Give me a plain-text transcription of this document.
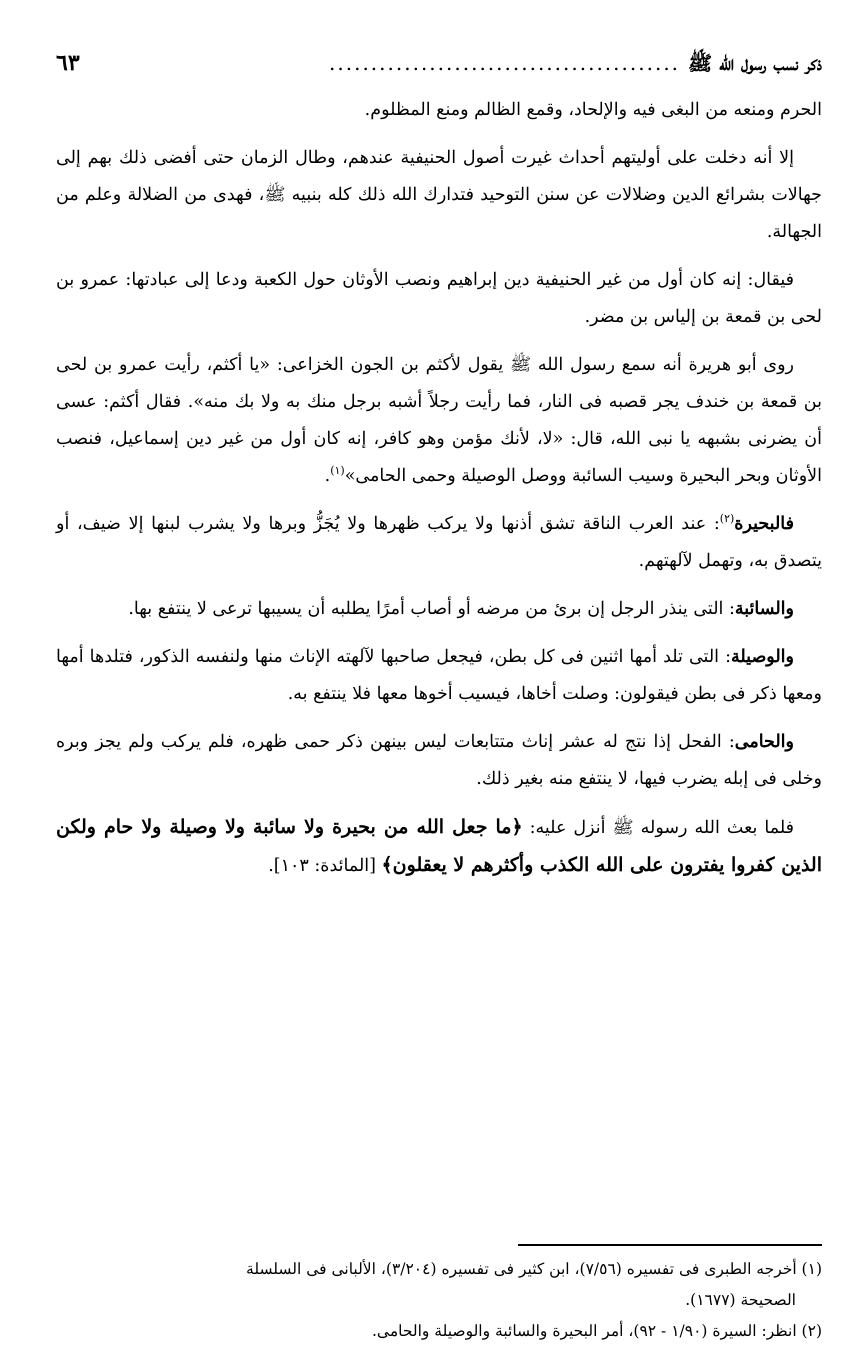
ذكر نسب رسول الله ﷺ
..........................................
٦٣

الحرم ومنعه من البغى فيه والإلحاد، وقمع الظالم ومنع المظلوم.

إلا أنه دخلت على أوليتهم أحداث غيرت أصول الحنيفية عندهم، وطال الزمان حتى أفضى ذلك بهم إلى جهالات بشرائع الدين وضلالات عن سنن التوحيد فتدارك الله ذلك كله بنبيه ﷺ، فهدى من الضلالة وعلم من الجهالة.

فيقال: إنه كان أول من غير الحنيفية دين إبراهيم ونصب الأوثان حول الكعبة ودعا إلى عبادتها: عمرو بن لحى بن قمعة بن إلياس بن مضر.

روى أبو هريرة أنه سمع رسول الله ﷺ يقول لأكثم بن الجون الخزاعى: «يا أكثم، رأيت عمرو بن لحى بن قمعة بن خندف يجر قصبه فى النار، فما رأيت رجلاً أشبه برجل منك به ولا بك منه». فقال أكثم: عسى أن يضرنى بشبهه يا نبى الله، قال: «لا، لأنك مؤمن وهو كافر، إنه كان أول من غير دين إسماعيل، فنصب الأوثان وبحر البحيرة وسيب السائبة ووصل الوصيلة وحمى الحامى»$^{(١)}$.

فالبحيرة$^{(٢)}$: عند العرب الناقة تشق أذنها ولا يركب ظهرها ولا يُجَزُّ وبرها ولا يشرب لبنها إلا ضيف، أو يتصدق به، وتهمل لآلهتهم.

والسائبة: التى ينذر الرجل إن برئ من مرضه أو أصاب أمرًا يطلبه أن يسيبها ترعى لا ينتفع بها.

والوصيلة: التى تلد أمها اثنين فى كل بطن، فيجعل صاحبها لآلهته الإناث منها ولنفسه الذكور، فتلدها أمها ومعها ذكر فى بطن فيقولون: وصلت أخاها، فيسيب أخوها معها فلا ينتفع به.

والحامى: الفحل إذا نتج له عشر إناث متتابعات ليس بينهن ذكر حمى ظهره، فلم يركب ولم يجز وبره وخلى فى إبله يضرب فيها، لا ينتفع منه بغير ذلك.

فلما بعث الله رسوله ﷺ أنزل عليه: ﴿ما جعل الله من بحيرة ولا سائبة ولا وصيلة ولا حام ولكن الذين كفروا يفترون على الله الكذب وأكثرهم لا يعقلون﴾ [المائدة: ١٠٣].

(١) أخرجه الطبرى فى تفسيره (٧/٥٦)، ابن كثير فى تفسيره (٣/٢٠٤)، الألبانى فى السلسلة

الصحيحة (١٦٧٧).

(٢) انظر: السيرة (١/٩٠ - ٩٢)، أمر البحيرة والسائبة والوصيلة والحامى.
